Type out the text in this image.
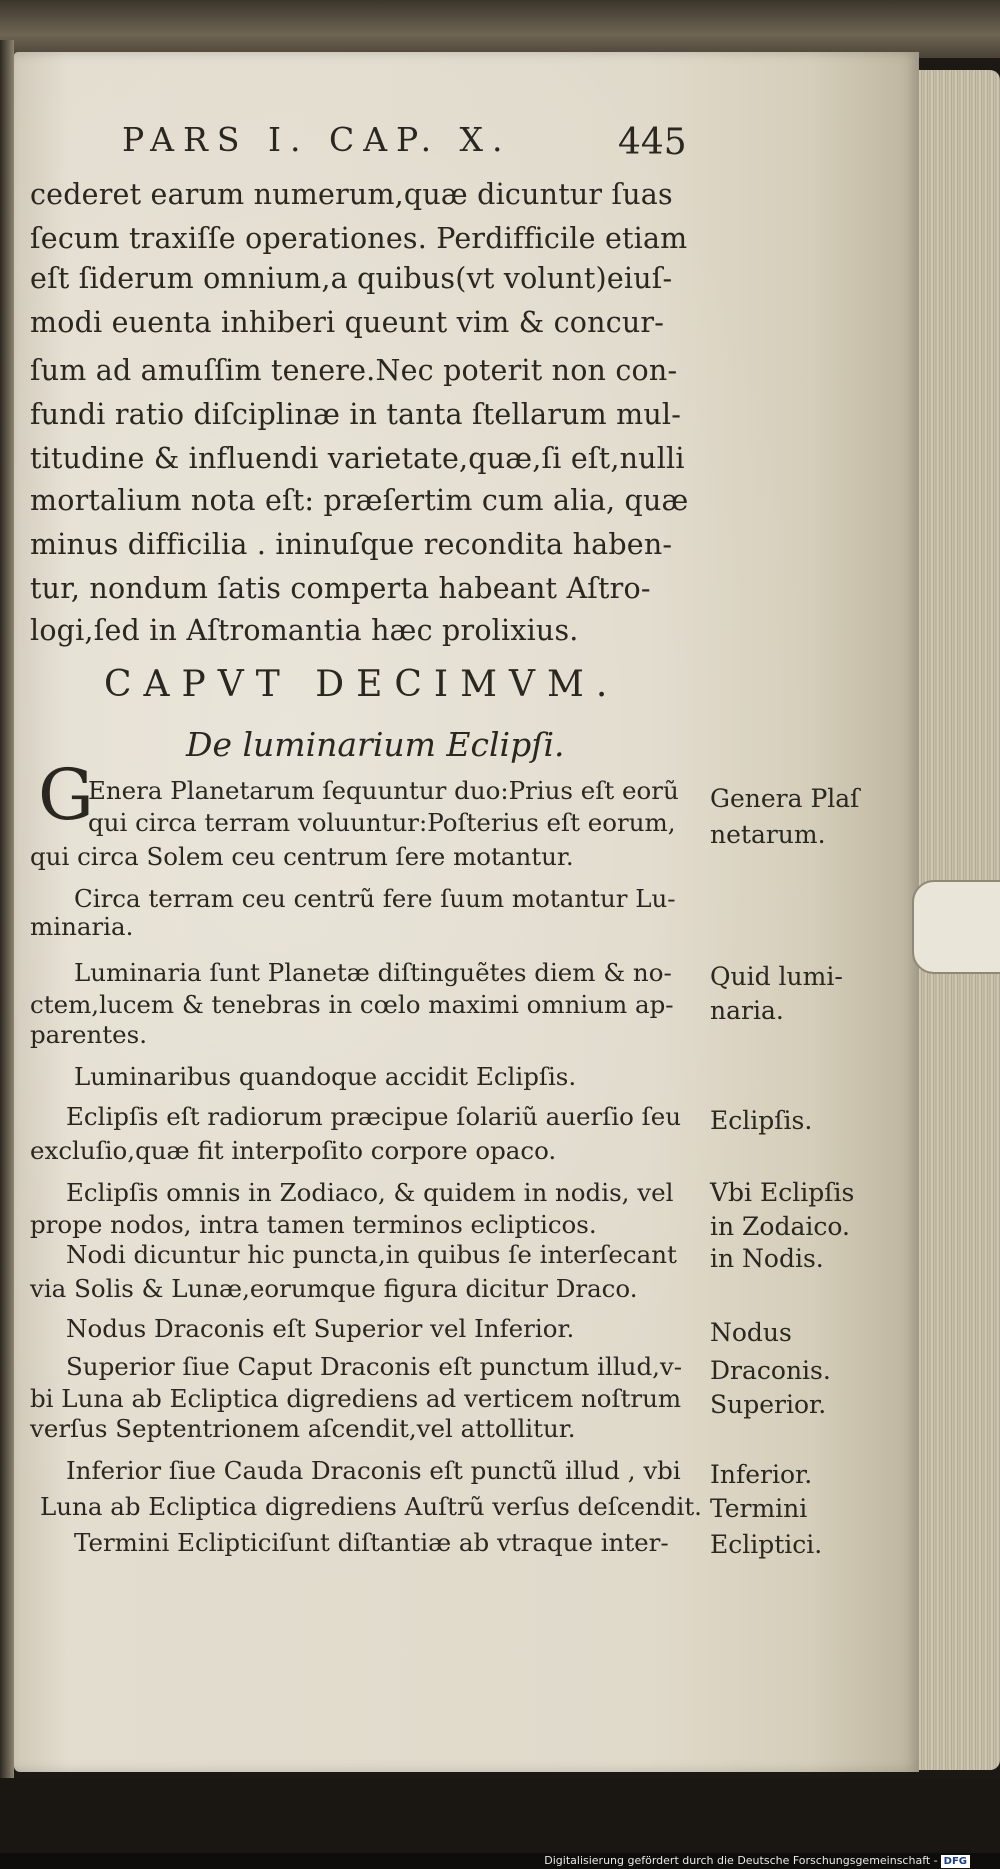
PARS I. CAP. X.	445
cederet earum numerum,quæ dicuntur ſuas
ſecum traxiſſe operationes. Perdifficile etiam
eſt ſiderum omnium,a quibus(vt volunt)eiuſ-
modi euenta inhiberi queunt vim & concur-
ſum ad amuſſim tenere.Nec poterit non con-
fundi ratio diſciplinæ in tanta ſtellarum mul-
titudine & influendi varietate,quæ,ſi eſt,nulli
mortalium nota eſt: præſertim cum alia, quæ
minus difficilia . ininuſque recondita haben-
tur, nondum ſatis comperta habeant Aſtro-
logi,ſed in Aſtromantia hæc prolixius.
CAPVT DECIMVM.
De luminarium Eclipſi.
G
Enera Planetarum ſequuntur duo:Prius eſt eorũ
qui circa terram voluuntur:Poſterius eſt eorum,
qui circa Solem ceu centrum ſere motantur.
Circa terram ceu centrũ fere ſuum motantur Lu-
minaria.
Luminaria ſunt Planetæ diſtinguẽtes diem & no-
ctem,lucem & tenebras in cœlo maximi omnium ap-
parentes.
Luminaribus quandoque accidit Eclipſis.
Eclipſis eſt radiorum præcipue ſolariũ auerſio ſeu
excluſio,quæ fit interpoſito corpore opaco.
Eclipſis omnis in Zodiaco, & quidem in nodis, vel
prope nodos, intra tamen terminos eclipticos.
Nodi dicuntur hic puncta,in quibus ſe interſecant
via Solis & Lunæ,eorumque figura dicitur Draco.
Nodus Draconis eſt Superior vel Inferior.
Superior ſiue Caput Draconis eſt punctum illud,v-
bi Luna ab Ecliptica digrediens ad verticem noſtrum
verſus Septentrionem aſcendit,vel attollitur.
Inferior ſiue Cauda Draconis eſt punctũ illud , vbi
Luna ab Ecliptica digrediens Auſtrũ verſus deſcendit.
Termini Eclipticiſunt diſtantiæ ab vtraque inter-
Genera Plaſ
netarum.
Quid lumi-
naria.
Eclipſis.
Vbi Eclipſis
in Zodaico.
in Nodis.
Nodus
Draconis.
Superior.
Inferior.
Termini
Ecliptici.
Digitalisierung gefördert durch die Deutsche Forschungsgemeinschaft - DFG
